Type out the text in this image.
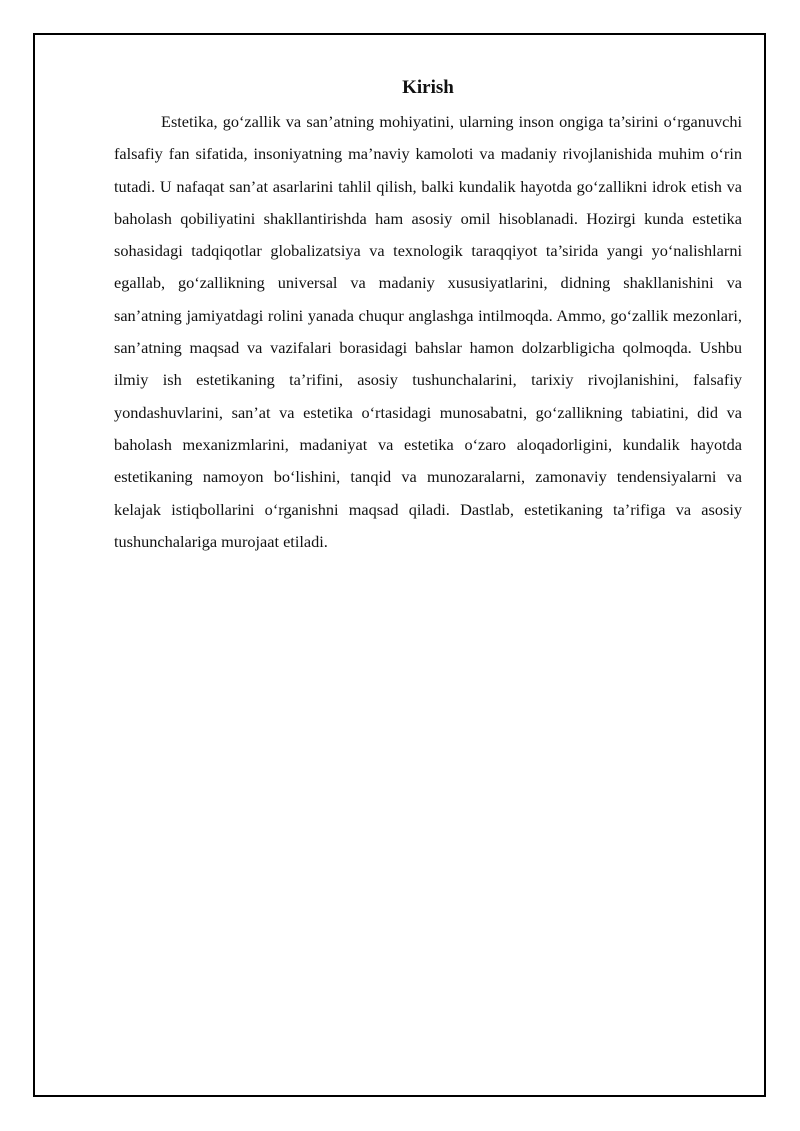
Kirish

Estetika, go‘zallik va san’atning mohiyatini, ularning inson ongiga ta’sirini o‘rganuvchi falsafiy fan sifatida, insoniyatning ma’naviy kamoloti va madaniy rivojlanishida muhim o‘rin tutadi. U nafaqat san’at asarlarini tahlil qilish, balki kundalik hayotda go‘zallikni idrok etish va baholash qobiliyatini shakllantirishda ham asosiy omil hisoblanadi. Hozirgi kunda estetika sohasidagi tadqiqotlar globalizatsiya va texnologik taraqqiyot ta’sirida yangi yo‘nalishlarni egallab, go‘zallikning universal va madaniy xususiyatlarini, didning shakllanishini va san’atning jamiyatdagi rolini yanada chuqur anglashga intilmoqda. Ammo, go‘zallik mezonlari, san’atning maqsad va vazifalari borasidagi bahslar hamon dolzarbligicha qolmoqda. Ushbu ilmiy ish estetikaning ta’rifini, asosiy tushunchalarini, tarixiy rivojlanishini, falsafiy yondashuvlarini, san’at va estetika o‘rtasidagi munosabatni, go‘zallikning tabiatini, did va baholash mexanizmlarini, madaniyat va estetika o‘zaro aloqadorligini, kundalik hayotda estetikaning namoyon bo‘lishini, tanqid va munozaralarni, zamonaviy tendensiyalarni va kelajak istiqbollarini o‘rganishni maqsad qiladi. Dastlab, estetikaning ta’rifiga va asosiy tushunchalariga murojaat etiladi.
